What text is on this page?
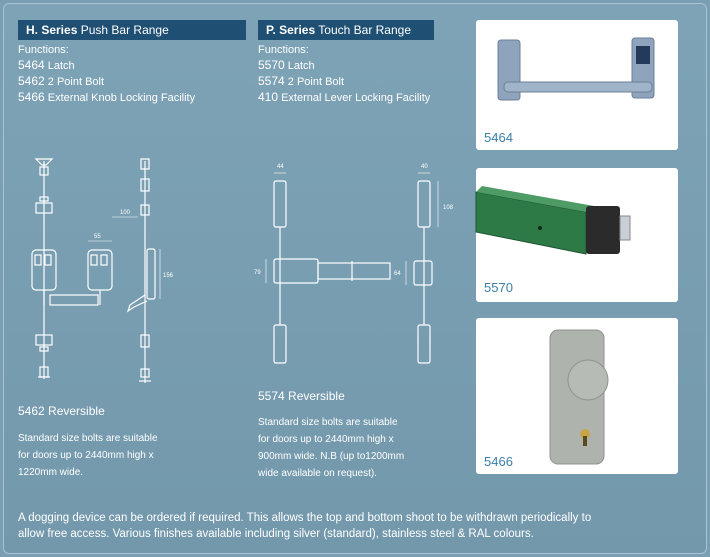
H. Series Push Bar Range
Functions:
5464 Latch
5462 2 Point Bolt
5466 External Knob Locking Facility
P. Series Touch Bar Range
Functions:
5570 Latch
5574 2 Point Bolt
410 External Lever Locking Facility
55
100
156
44	40
108
79	64
5462 Reversible
Standard size bolts are suitable
for doors up to 2440mm high x
1220mm wide.
5574 Reversible
Standard size bolts are suitable
for doors up to 2440mm high x
900mm wide. N.B (up to1200mm
wide available on request).
5464
5570
5466
A dogging device can be ordered if required. This allows the top and bottom shoot to be withdrawn periodically to
allow free access. Various finishes available including silver (standard), stainless steel & RAL colours.
